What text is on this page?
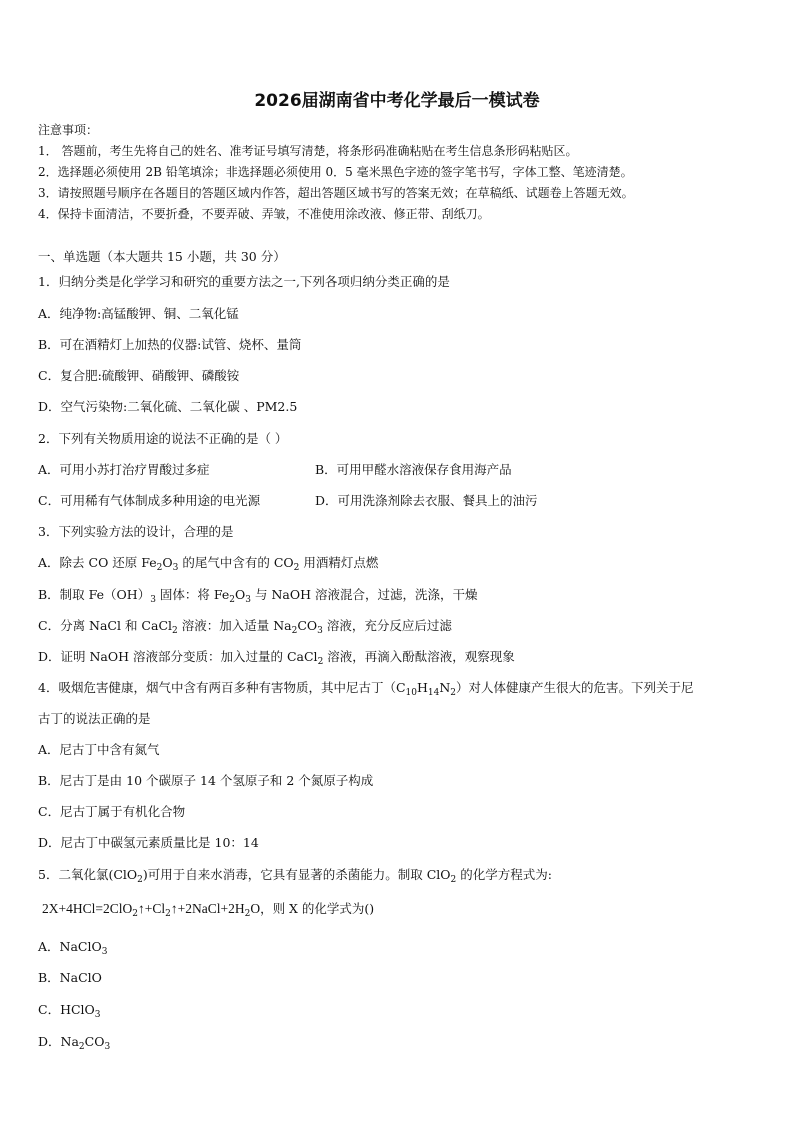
2026届湖南省中考化学最后一模试卷
注意事项：
1． 答题前，考生先将自己的姓名、准考证号填写清楚，将条形码准确粘贴在考生信息条形码粘贴区。
2．选择题必须使用 2B 铅笔填涂；非选择题必须使用 0．5 毫米黑色字迹的签字笔书写，字体工整、笔迹清楚。
3．请按照题号顺序在各题目的答题区域内作答，超出答题区域书写的答案无效；在草稿纸、试题卷上答题无效。
4．保持卡面清洁，不要折叠，不要弄破、弄皱，不准使用涂改液、修正带、刮纸刀。
一、单选题（本大题共 15 小题，共 30 分）
1．归纳分类是化学学习和研究的重要方法之一,下列各项归纳分类正确的是
A．纯净物:高锰酸钾、铜、二氧化锰
B．可在酒精灯上加热的仪器:试管、烧杯、量筒
C．复合肥:硫酸钾、硝酸钾、磷酸铵
D．空气污染物:二氧化硫、二氧化碳 、PM2.5
2．下列有关物质用途的说法不正确的是（ ）
A．可用小苏打治疗胃酸过多症	B．可用甲醛水溶液保存食用海产品
C．可用稀有气体制成多种用途的电光源	D．可用洗涤剂除去衣服、餐具上的油污
3．下列实验方法的设计，合理的是
A．除去 CO 还原 $Fe_2O_3$ 的尾气中含有的 $CO_2$ 用酒精灯点燃
B．制取 $Fe(OH)_3$ 固体：将 $Fe_2O_3$ 与 NaOH 溶液混合，过滤，洗涤，干燥
C．分离 NaCl 和 CaCl$_2$ 溶液：加入适量 $Na_2CO_3$ 溶液，充分反应后过滤
D．证明 NaOH 溶液部分变质：加入过量的 CaCl$_2$ 溶液，再滴入酚酞溶液，观察现象
4．吸烟危害健康，烟气中含有两百多种有害物质，其中尼古丁$(C_{10}H_{14}N_2)$对人体健康产生很大的危害。下列关于尼
古丁的说法正确的是
A．尼古丁中含有氮气
B．尼古丁是由 10 个碳原子 14 个氢原子和 2 个氮原子构成
C．尼古丁属于有机化合物
D．尼古丁中碳氢元素质量比是 10：14
5．二氧化氯(ClO$_2$)可用于自来水消毒，它具有显著的杀菌能力。制取 ClO$_2$ 的化学方程式为:
$2X+4HCl=2ClO_2↑+Cl_2↑+2NaCl+2H_2O$，则 X 的化学式为()
A．NaClO$_3$
B．NaClO
C．HClO$_3$
D．$Na_2CO_3$
